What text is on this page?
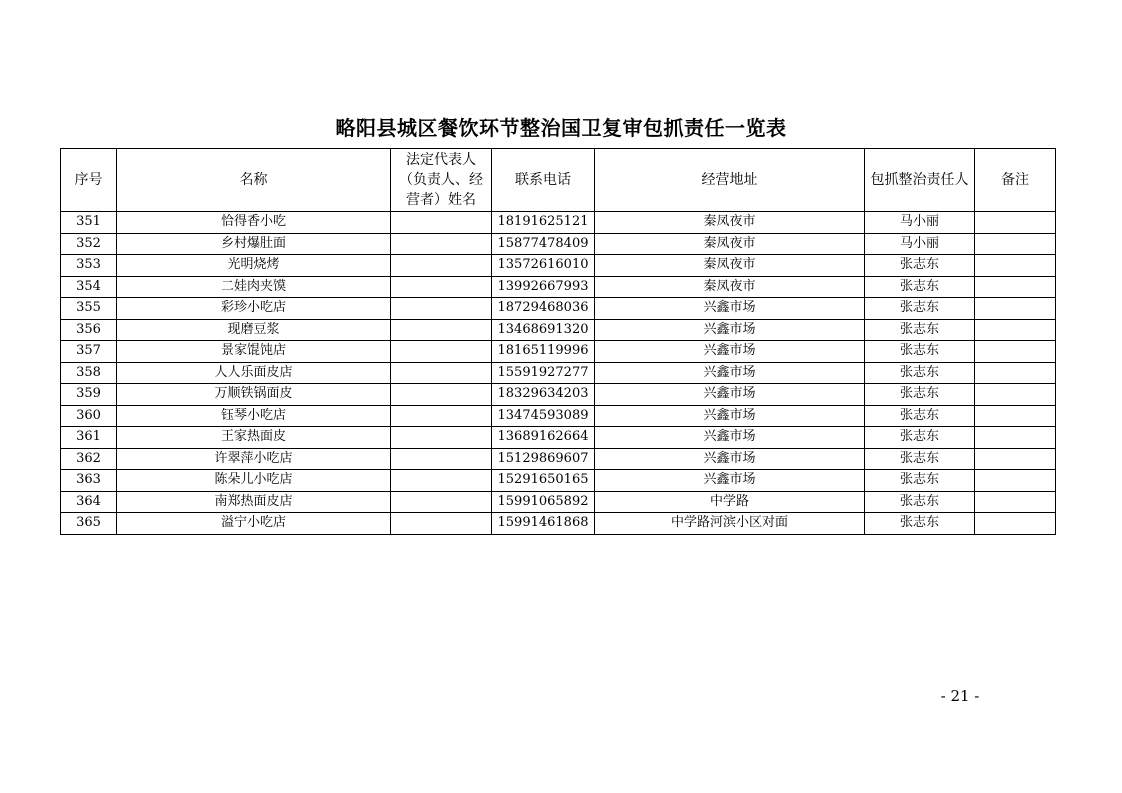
略阳县城区餐饮环节整治国卫复审包抓责任一览表
序号	名称	法定代表人（负责人、经营者）姓名	联系电话	经营地址	包抓整治责任人	备注
351	恰得香小吃		18191625121	秦凤夜市	马小丽	
352	乡村爆肚面		15877478409	秦凤夜市	马小丽	
353	光明烧烤		13572616010	秦凤夜市	张志东	
354	二娃肉夹馍		13992667993	秦凤夜市	张志东	
355	彩珍小吃店		18729468036	兴鑫市场	张志东	
356	现磨豆浆		13468691320	兴鑫市场	张志东	
357	景家馄饨店		18165119996	兴鑫市场	张志东	
358	人人乐面皮店		15591927277	兴鑫市场	张志东	
359	万顺铁锅面皮		18329634203	兴鑫市场	张志东	
360	钰琴小吃店		13474593089	兴鑫市场	张志东	
361	王家热面皮		13689162664	兴鑫市场	张志东	
362	许翠萍小吃店		15129869607	兴鑫市场	张志东	
363	陈朵儿小吃店		15291650165	兴鑫市场	张志东	
364	南郑热面皮店		15991065892	中学路	张志东	
365	溢宁小吃店		15991461868	中学路河滨小区对面	张志东	
- 21 -
